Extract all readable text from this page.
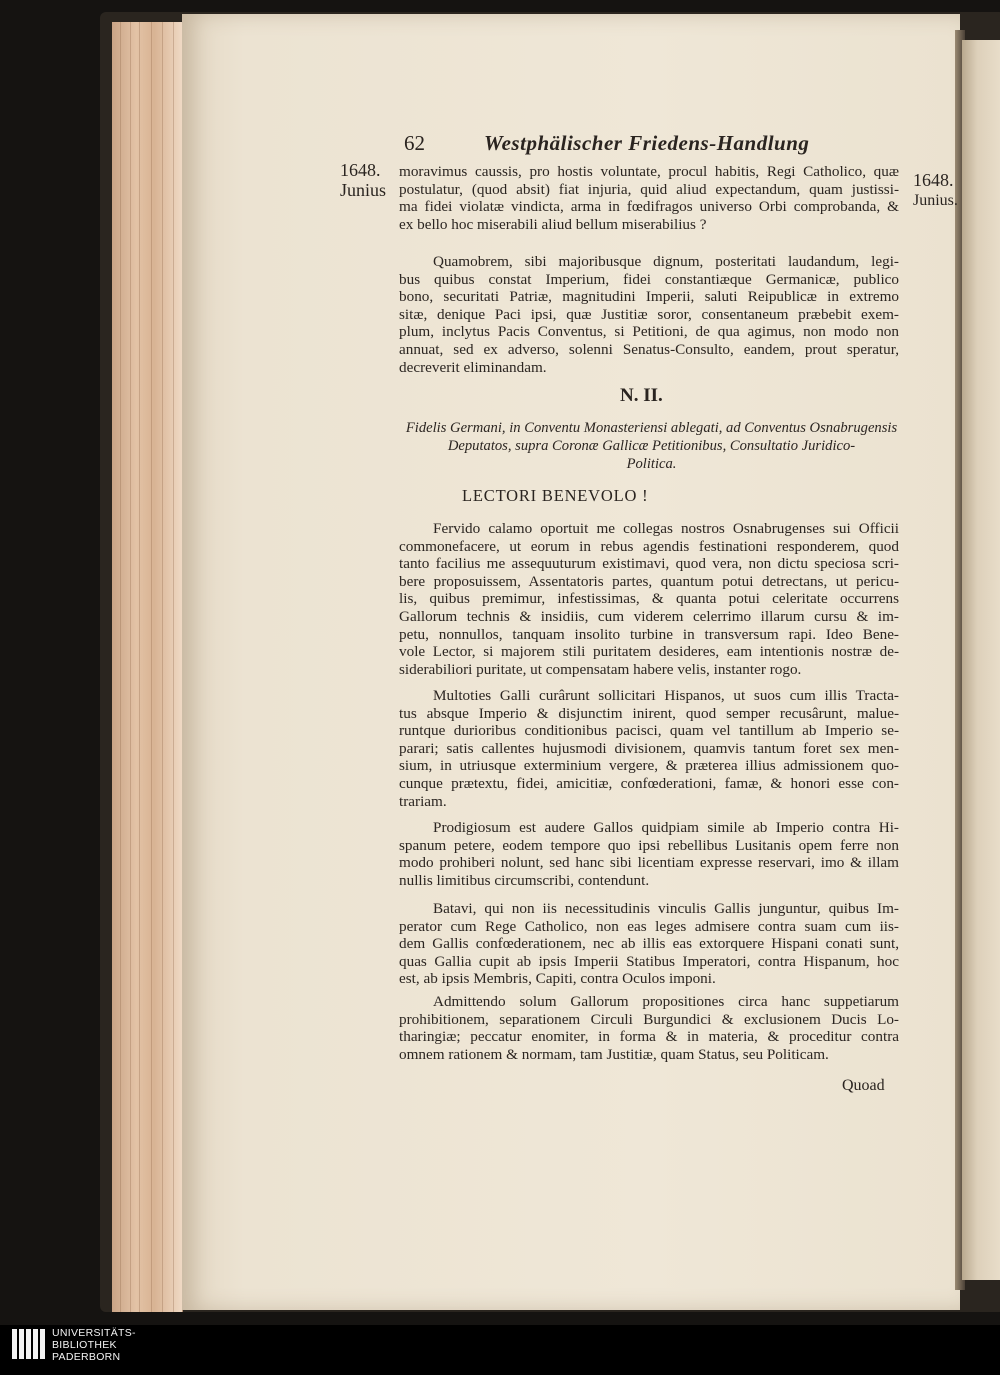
62	Westphälischer Friedens-Handlung
1648.
Junius	1648.
Junius.
moravimus caussis, pro hostis voluntate, procul habitis, Regi Catholico, quæ
postulatur, (quod absit) fiat injuria, quid aliud expectandum, quam justissi-
ma fidei violatæ vindicta, arma in fœdifragos universo Orbi comprobanda, &
ex bello hoc miserabili aliud bellum miserabilius ?
Quamobrem, sibi majoribusque dignum, posteritati laudandum, legi-
bus quibus constat Imperium, fidei constantiæque Germanicæ, publico
bono, securitati Patriæ, magnitudini Imperii, saluti Reipublicæ in extremo
sitæ, denique Paci ipsi, quæ Justitiæ soror, consentaneum præbebit exem-
plum, inclytus Pacis Conventus, si Petitioni, de qua agimus, non modo non
annuat, sed ex adverso, solenni Senatus-Consulto, eandem, prout speratur,
decreverit eliminandam.
N. II.
Fidelis Germani, in Conventu Monasteriensi ablegati, ad Conventus Osnabrugensis
Deputatos, supra Coronæ Gallicæ Petitionibus, Consultatio Juridico-
Politica.
LECTORI BENEVOLO !
Fervido calamo oportuit me collegas nostros Osnabrugenses sui Officii
commonefacere, ut eorum in rebus agendis festinationi responderem, quod
tanto facilius me assequuturum existimavi, quod vera, non dictu speciosa scri-
bere proposuissem, Assentatoris partes, quantum potui detrectans, ut pericu-
lis, quibus premimur, infestissimas, & quanta potui celeritate occurrens
Gallorum technis & insidiis, cum viderem celerrimo illarum cursu & im-
petu, nonnullos, tanquam insolito turbine in transversum rapi. Ideo Bene-
vole Lector, si majorem stili puritatem desideres, eam intentionis nostræ de-
siderabiliori puritate, ut compensatam habere velis, instanter rogo.
Multoties Galli curârunt sollicitari Hispanos, ut suos cum illis Tracta-
tus absque Imperio & disjunctim inirent, quod semper recusârunt, malue-
runtque durioribus conditionibus pacisci, quam vel tantillum ab Imperio se-
parari; satis callentes hujusmodi divisionem, quamvis tantum foret sex men-
sium, in utriusque exterminium vergere, & præterea illius admissionem quo-
cunque prætextu, fidei, amicitiæ, confœderationi, famæ, & honori esse con-
trariam.
Prodigiosum est audere Gallos quidpiam simile ab Imperio contra Hi-
spanum petere, eodem tempore quo ipsi rebellibus Lusitanis opem ferre non
modo prohiberi nolunt, sed hanc sibi licentiam expresse reservari, imo & illam
nullis limitibus circumscribi, contendunt.
Batavi, qui non iis necessitudinis vinculis Gallis junguntur, quibus Im-
perator cum Rege Catholico, non eas leges admisere contra suam cum iis-
dem Gallis confœderationem, nec ab illis eas extorquere Hispani conati sunt,
quas Gallia cupit ab ipsis Imperii Statibus Imperatori, contra Hispanum, hoc
est, ab ipsis Membris, Capiti, contra Oculos imponi.
Admittendo solum Gallorum propositiones circa hanc suppetiarum
prohibitionem, separationem Circuli Burgundici & exclusionem Ducis Lo-
tharingiæ; peccatur enomiter, in forma & in materia, & proceditur contra
omnem rationem & normam, tam Justitiæ, quam Status, seu Politicam.
Quoad
UNIVERSITÄTS-
BIBLIOTHEK
PADERBORN
